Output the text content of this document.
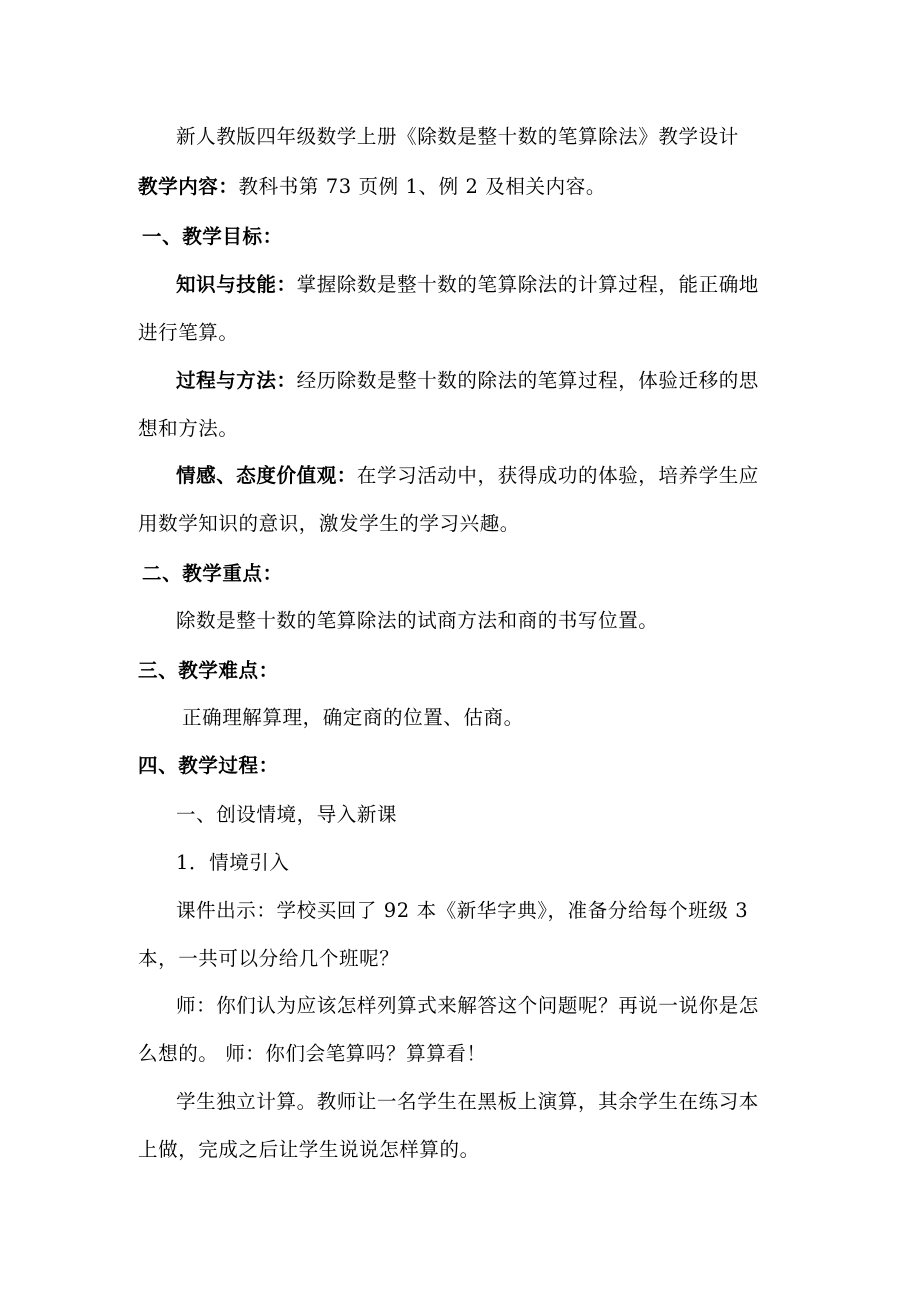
新人教版四年级数学上册《除数是整十数的笔算除法》教学设计
教学内容：教科书第 73 页例 1、例 2 及相关内容。
一、教学目标：
知识与技能：掌握除数是整十数的笔算除法的计算过程，能正确地
进行笔算。
过程与方法：经历除数是整十数的除法的笔算过程，体验迁移的思
想和方法。
情感、态度价值观：在学习活动中，获得成功的体验，培养学生应
用数学知识的意识，激发学生的学习兴趣。
二、教学重点：
除数是整十数的笔算除法的试商方法和商的书写位置。
三、教学难点：
正确理解算理，确定商的位置、估商。
四、教学过程：
一、创设情境，导入新课
1．情境引入
课件出示：学校买回了 92 本《新华字典》，准备分给每个班级 3
本，一共可以分给几个班呢？
师：你们认为应该怎样列算式来解答这个问题呢？再说一说你是怎
么想的。 师：你们会笔算吗？算算看！
学生独立计算。教师让一名学生在黑板上演算，其余学生在练习本
上做，完成之后让学生说说怎样算的。
